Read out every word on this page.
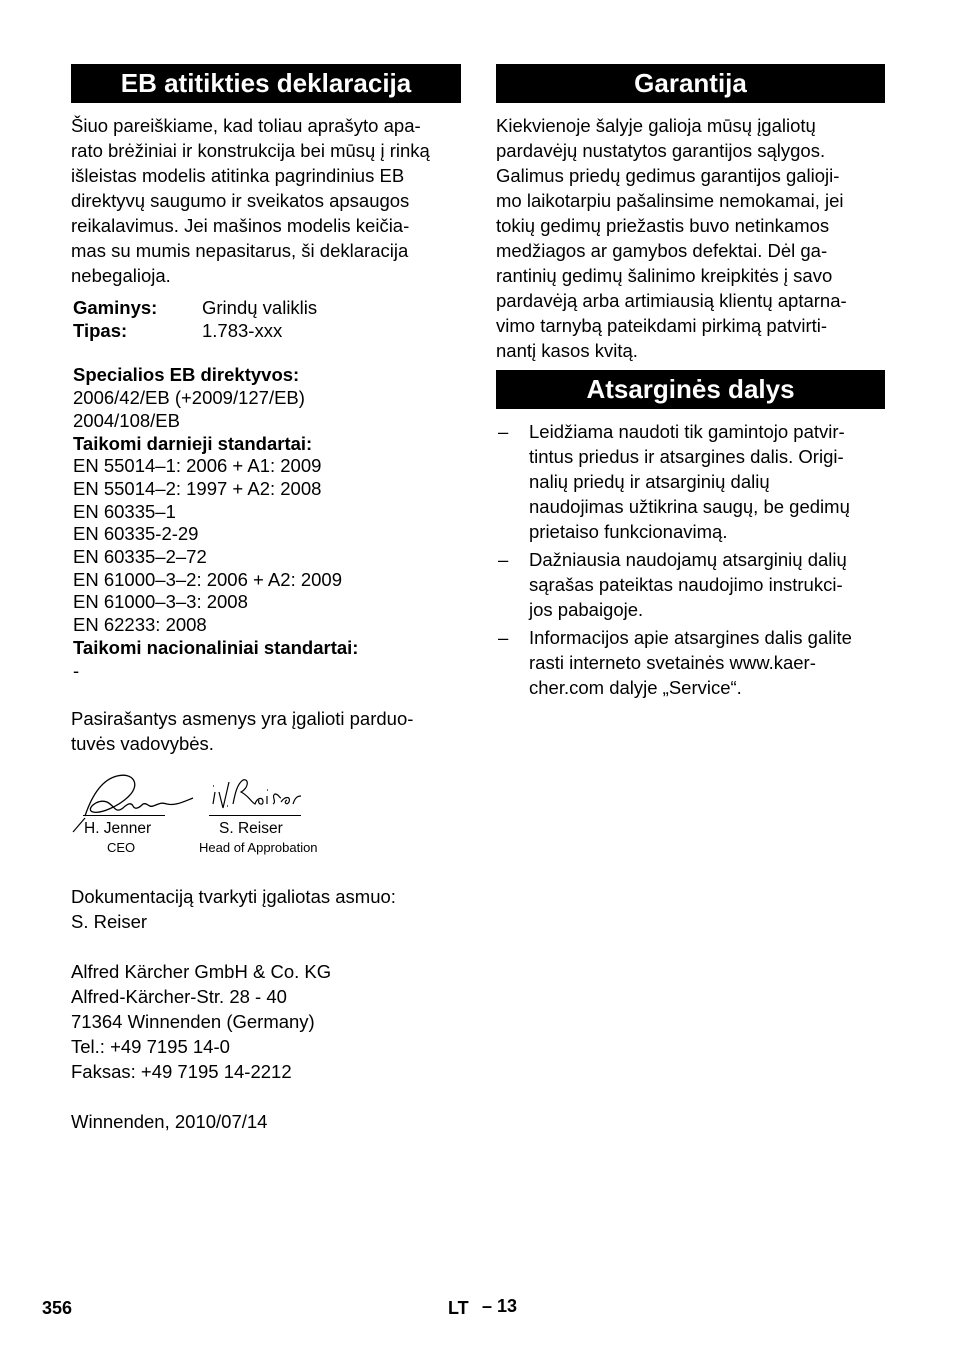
EB atitikties deklaracija

Šiuo pareiškiame, kad toliau aprašyto apa-
rato brėžiniai ir konstrukcija bei mūsų į rinką
išleistas modelis atitinka pagrindinius EB
direktyvų saugumo ir sveikatos apsaugos
reikalavimus. Jei mašinos modelis keičia-
mas su mumis nepasitarus, ši deklaracija
nebegalioja.

Gaminys:	Grindų valiklis
Tipas:	1.783-xxx
Specialios EB direktyvos:
2006/42/EB (+2009/127/EB)
2004/108/EB
Taikomi darnieji standartai:
EN 55014–1: 2006 + A1: 2009
EN 55014–2: 1997 + A2: 2008
EN 60335–1
EN 60335-2-29
EN 60335–2–72
EN 61000–3–2: 2006 + A2: 2009
EN 61000–3–3: 2008
EN 62233: 2008
Taikomi nacionaliniai standartai:
-

Pasirašantys asmenys yra įgalioti parduo-
tuvės vadovybės.

H. Jenner
CEO
S. Reiser
Head of Approbation

Dokumentaciją tvarkyti įgaliotas asmuo:
S. Reiser

Alfred Kärcher GmbH & Co. KG
Alfred-Kärcher-Str. 28 - 40
71364 Winnenden (Germany)
Tel.: +49 7195 14-0
Faksas: +49 7195 14-2212

Winnenden, 2010/07/14

Garantija

Kiekvienoje šalyje galioja mūsų įgaliotų
pardavėjų nustatytos garantijos sąlygos.
Galimus priedų gedimus garantijos galioji-
mo laikotarpiu pašalinsime nemokamai, jei
tokių gedimų priežastis buvo netinkamos
medžiagos ar gamybos defektai. Dėl ga-
rantinių gedimų šalinimo kreipkitės į savo
pardavėją arba artimiausią klientų aptarna-
vimo tarnybą pateikdami pirkimą patvirti-
nantį kasos kvitą.

Atsarginės dalys
– Leidžiama naudoti tik gamintojo patvir-
tintus priedus ir atsargines dalis. Origi-
nalių priedų ir atsarginių dalių
naudojimas užtikrina saugų, be gedimų
prietaiso funkcionavimą.
– Dažniausia naudojamų atsarginių dalių
sąrašas pateiktas naudojimo instrukci-
jos pabaigoje.
– Informacijos apie atsargines dalis galite
rasti interneto svetainės www.kaer-
cher.com dalyje „Service“.
356	LT – 13
